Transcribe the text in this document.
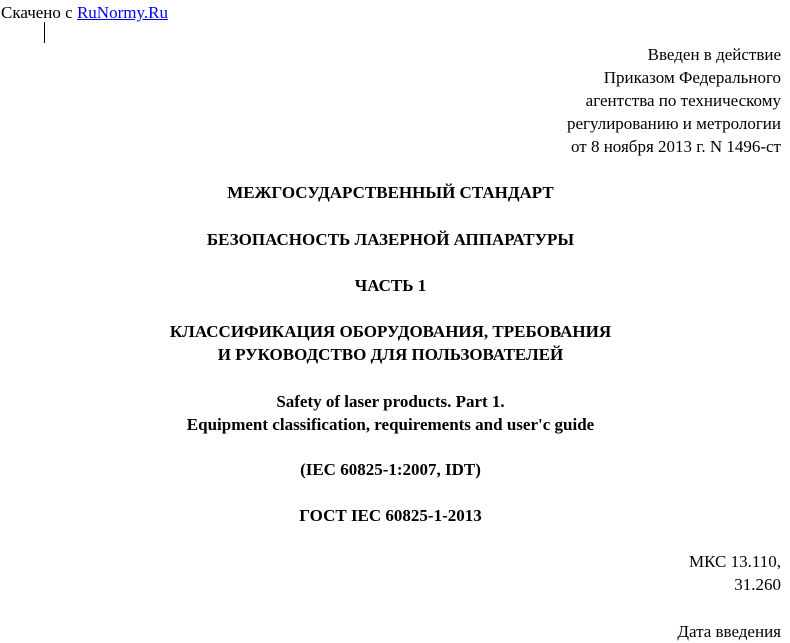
Скачено с RuNormy.Ru
Введен в действие
Приказом Федерального
агентства по техническому
регулированию и метрологии
от 8 ноября 2013 г. N 1496-ст
МЕЖГОСУДАРСТВЕННЫЙ СТАНДАРТ
БЕЗОПАСНОСТЬ ЛАЗЕРНОЙ АППАРАТУРЫ
ЧАСТЬ 1
КЛАССИФИКАЦИЯ ОБОРУДОВАНИЯ, ТРЕБОВАНИЯ
И РУКОВОДСТВО ДЛЯ ПОЛЬЗОВАТЕЛЕЙ
Safety of laser products. Part 1.
Equipment classification, requirements and user'c guide
(IEC 60825-1:2007, IDT)
ГОСТ IEC 60825-1-2013
МКС 13.110,
31.260
Дата введения
